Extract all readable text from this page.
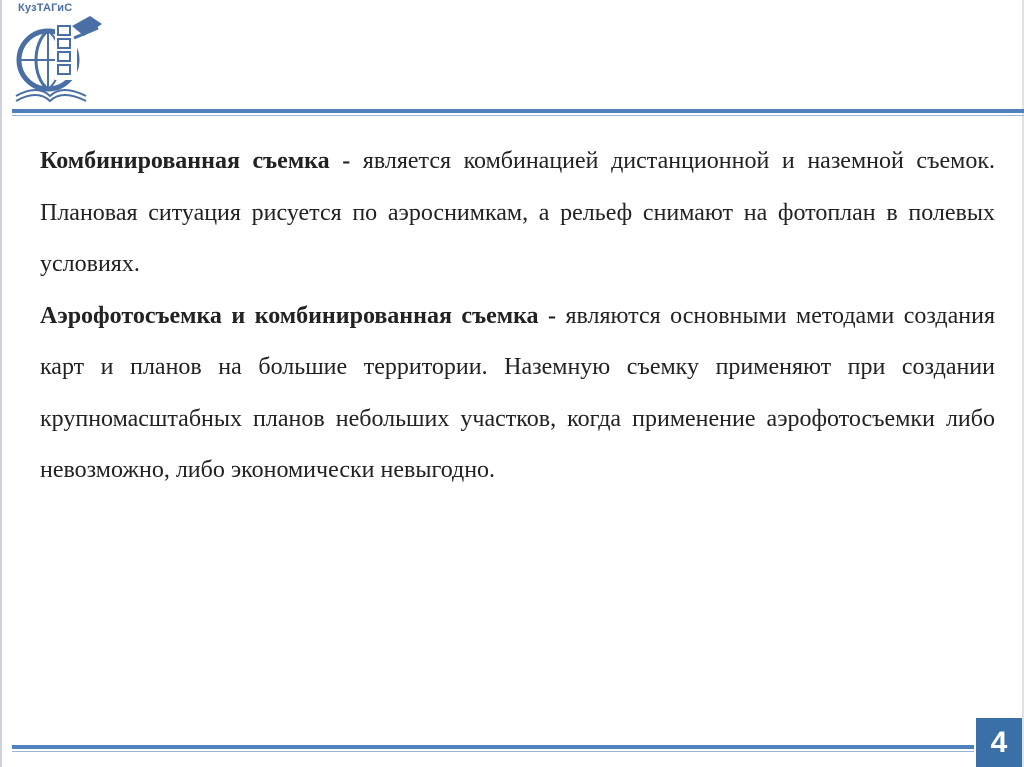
КузТАГиС

Комбинированная съемка - является комбинацией дистанционной и наземной съемок. Плановая ситуация рисуется по аэроснимкам, а рельеф снимают на фотоплан в полевых условиях.

Аэрофотосъемка и комбинированная съемка - являются основными методами создания карт и планов на большие территории. Наземную съемку применяют при создании крупномасштабных планов небольших участков, когда применение аэрофотосъемки либо невозможно, либо экономически невыгодно.

4
